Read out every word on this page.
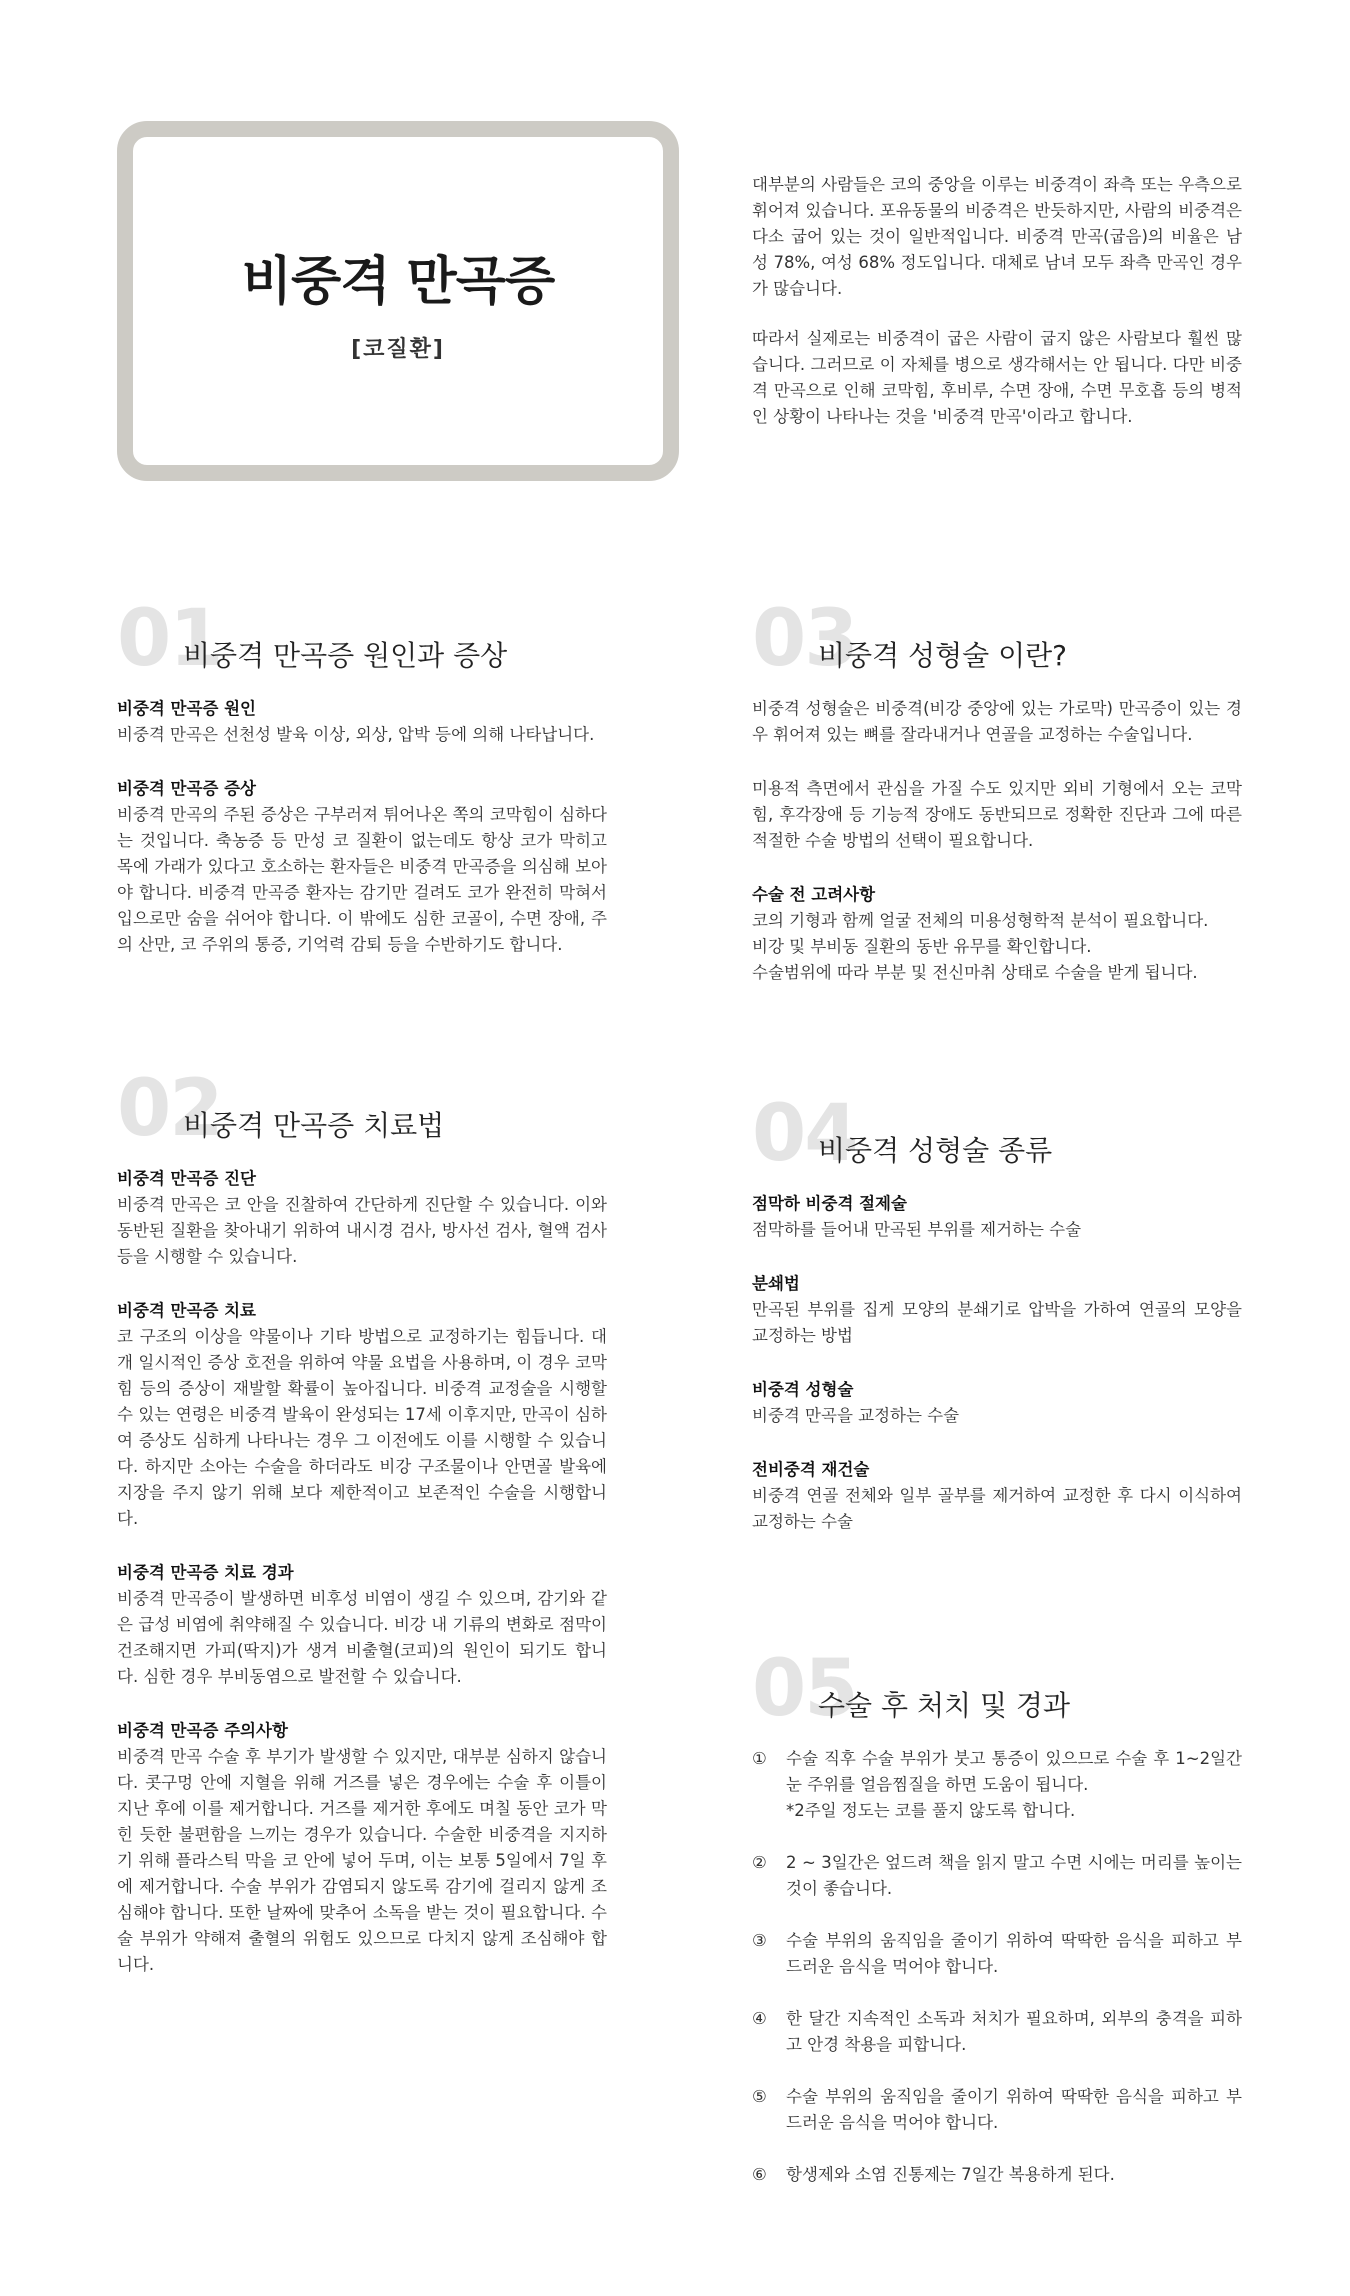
비중격 만곡증
[코질환]

대부분의 사람들은 코의 중앙을 이루는 비중격이 좌측 또는 우측으로 휘어져 있습니다. 포유동물의 비중격은 반듯하지만, 사람의 비중격은 다소 굽어 있는 것이 일반적입니다. 비중격 만곡(굽음)의 비율은 남성 78%, 여성 68% 정도입니다. 대체로 남녀 모두 좌측 만곡인 경우가 많습니다.

따라서 실제로는 비중격이 굽은 사람이 굽지 않은 사람보다 훨씬 많습니다. 그러므로 이 자체를 병으로 생각해서는 안 됩니다. 다만 비중격 만곡으로 인해 코막힘, 후비루, 수면 장애, 수면 무호흡 등의 병적인 상황이 나타나는 것을 '비중격 만곡'이라고 합니다.

01
비중격 만곡증 원인과 증상
비중격 만곡증 원인

비중격 만곡은 선천성 발육 이상, 외상, 압박 등에 의해 나타납니다.

비중격 만곡증 증상

비중격 만곡의 주된 증상은 구부러져 튀어나온 쪽의 코막힘이 심하다는 것입니다. 축농증 등 만성 코 질환이 없는데도 항상 코가 막히고 목에 가래가 있다고 호소하는 환자들은 비중격 만곡증을 의심해 보아야 합니다. 비중격 만곡증 환자는 감기만 걸려도 코가 완전히 막혀서 입으로만 숨을 쉬어야 합니다. 이 밖에도 심한 코골이, 수면 장애, 주의 산만, 코 주위의 통증, 기억력 감퇴 등을 수반하기도 합니다.

02
비중격 만곡증 치료법
비중격 만곡증 진단

비중격 만곡은 코 안을 진찰하여 간단하게 진단할 수 있습니다. 이와 동반된 질환을 찾아내기 위하여 내시경 검사, 방사선 검사, 혈액 검사 등을 시행할 수 있습니다.

비중격 만곡증 치료

코 구조의 이상을 약물이나 기타 방법으로 교정하기는 힘듭니다. 대개 일시적인 증상 호전을 위하여 약물 요법을 사용하며, 이 경우 코막힘 등의 증상이 재발할 확률이 높아집니다. 비중격 교정술을 시행할 수 있는 연령은 비중격 발육이 완성되는 17세 이후지만, 만곡이 심하여 증상도 심하게 나타나는 경우 그 이전에도 이를 시행할 수 있습니다. 하지만 소아는 수술을 하더라도 비강 구조물이나 안면골 발육에 지장을 주지 않기 위해 보다 제한적이고 보존적인 수술을 시행합니다.

비중격 만곡증 치료 경과

비중격 만곡증이 발생하면 비후성 비염이 생길 수 있으며, 감기와 같은 급성 비염에 취약해질 수 있습니다. 비강 내 기류의 변화로 점막이 건조해지면 가피(딱지)가 생겨 비출혈(코피)의 원인이 되기도 합니다. 심한 경우 부비동염으로 발전할 수 있습니다.

비중격 만곡증 주의사항

비중격 만곡 수술 후 부기가 발생할 수 있지만, 대부분 심하지 않습니다. 콧구멍 안에 지혈을 위해 거즈를 넣은 경우에는 수술 후 이틀이 지난 후에 이를 제거합니다. 거즈를 제거한 후에도 며칠 동안 코가 막힌 듯한 불편함을 느끼는 경우가 있습니다. 수술한 비중격을 지지하기 위해 플라스틱 막을 코 안에 넣어 두며, 이는 보통 5일에서 7일 후에 제거합니다. 수술 부위가 감염되지 않도록 감기에 걸리지 않게 조심해야 합니다. 또한 날짜에 맞추어 소독을 받는 것이 필요합니다. 수술 부위가 약해져 출혈의 위험도 있으므로 다치지 않게 조심해야 합니다.

03
비중격 성형술 이란?

비중격 성형술은 비중격(비강 중앙에 있는 가로막) 만곡증이 있는 경우 휘어져 있는 뼈를 잘라내거나 연골을 교정하는 수술입니다.

미용적 측면에서 관심을 가질 수도 있지만 외비 기형에서 오는 코막힘, 후각장애 등 기능적 장애도 동반되므로 정확한 진단과 그에 따른 적절한 수술 방법의 선택이 필요합니다.

수술 전 고려사항

코의 기형과 함께 얼굴 전체의 미용성형학적 분석이 필요합니다.
비강 및 부비동 질환의 동반 유무를 확인합니다.
수술범위에 따라 부분 및 전신마취 상태로 수술을 받게 됩니다.

04
비중격 성형술 종류
점막하 비중격 절제술

점막하를 들어내 만곡된 부위를 제거하는 수술

분쇄법

만곡된 부위를 집게 모양의 분쇄기로 압박을 가하여 연골의 모양을 교정하는 방법

비중격 성형술

비중격 만곡을 교정하는 수술

전비중격 재건술

비중격 연골 전체와 일부 골부를 제거하여 교정한 후 다시 이식하여 교정하는 수술

05
수술 후 처치 및 경과
①	수술 직후 수술 부위가 붓고 통증이 있으므로 수술 후 1~2일간 눈 주위를 얼음찜질을 하면 도움이 됩니다.
*2주일 정도는 코를 풀지 않도록 합니다.
②	2 ~ 3일간은 엎드려 책을 읽지 말고 수면 시에는 머리를 높이는 것이 좋습니다.
③	수술 부위의 움직임을 줄이기 위하여 딱딱한 음식을 피하고 부드러운 음식을 먹어야 합니다.
④	한 달간 지속적인 소독과 처치가 필요하며, 외부의 충격을 피하고 안경 착용을 피합니다.
⑤	수술 부위의 움직임을 줄이기 위하여 딱딱한 음식을 피하고 부드러운 음식을 먹어야 합니다.
⑥	항생제와 소염 진통제는 7일간 복용하게 된다.
